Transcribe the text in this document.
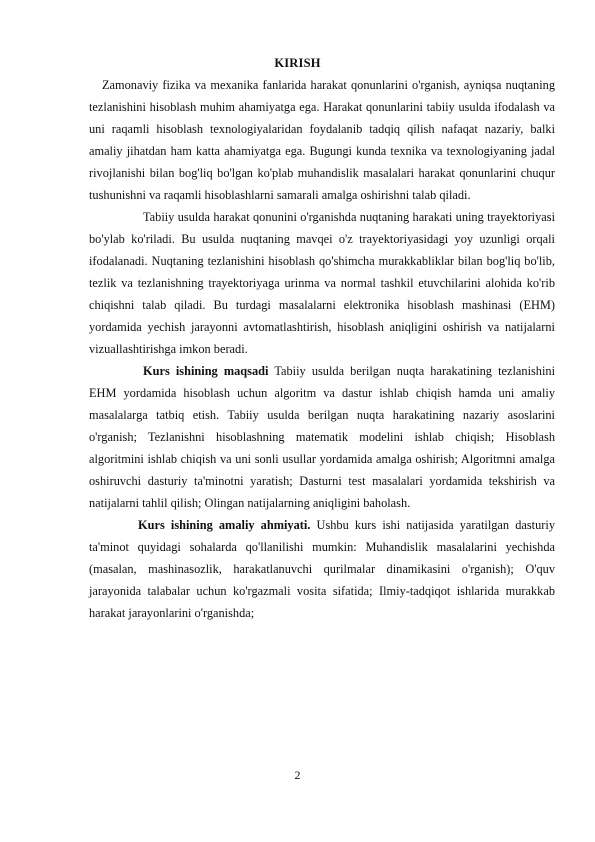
KIRISH

Zamonaviy fizika va mexanika fanlarida harakat qonunlarini o'rganish, ayniqsa nuqtaning tezlanishini hisoblash muhim ahamiyatga ega. Harakat qonunlarini tabiiy usulda ifodalash va uni raqamli hisoblash texnologiyalaridan foydalanib tadqiq qilish nafaqat nazariy, balki amaliy jihatdan ham katta ahamiyatga ega. Bugungi kunda texnika va texnologiyaning jadal rivojlanishi bilan bog'liq bo'lgan ko'plab muhandislik masalalari harakat qonunlarini chuqur tushunishni va raqamli hisoblashlarni samarali amalga oshirishni talab qiladi.

Tabiiy usulda harakat qonunini o'rganishda nuqtaning harakati uning trayektoriyasi bo'ylab ko'riladi. Bu usulda nuqtaning mavqei o'z trayektoriyasidagi yoy uzunligi orqali ifodalanadi. Nuqtaning tezlanishini hisoblash qo'shimcha murakkabliklar bilan bog'liq bo'lib, tezlik va tezlanishning trayektoriyaga urinma va normal tashkil etuvchilarini alohida ko'rib chiqishni talab qiladi. Bu turdagi masalalarni elektronika hisoblash mashinasi (EHM) yordamida yechish jarayonni avtomatlashtirish, hisoblash aniqligini oshirish va natijalarni vizuallashtirishga imkon beradi.

Kurs ishining maqsadi Tabiiy usulda berilgan nuqta harakatining tezlanishini EHM yordamida hisoblash uchun algoritm va dastur ishlab chiqish hamda uni amaliy masalalarga tatbiq etish. Tabiiy usulda berilgan nuqta harakatining nazariy asoslarini o'rganish; Tezlanishni hisoblashning matematik modelini ishlab chiqish; Hisoblash algoritmini ishlab chiqish va uni sonli usullar yordamida amalga oshirish; Algoritmni amalga oshiruvchi dasturiy ta'minotni yaratish; Dasturni test masalalari yordamida tekshirish va natijalarni tahlil qilish; Olingan natijalarning aniqligini baholash.

Kurs ishining amaliy ahmiyati. Ushbu kurs ishi natijasida yaratilgan dasturiy ta'minot quyidagi sohalarda qo'llanilishi mumkin: Muhandislik masalalarini yechishda (masalan, mashinasozlik, harakatlanuvchi qurilmalar dinamikasini o'rganish); O'quv jarayonida talabalar uchun ko'rgazmali vosita sifatida; Ilmiy-tadqiqot ishlarida murakkab harakat jarayonlarini o'rganishda;

2
